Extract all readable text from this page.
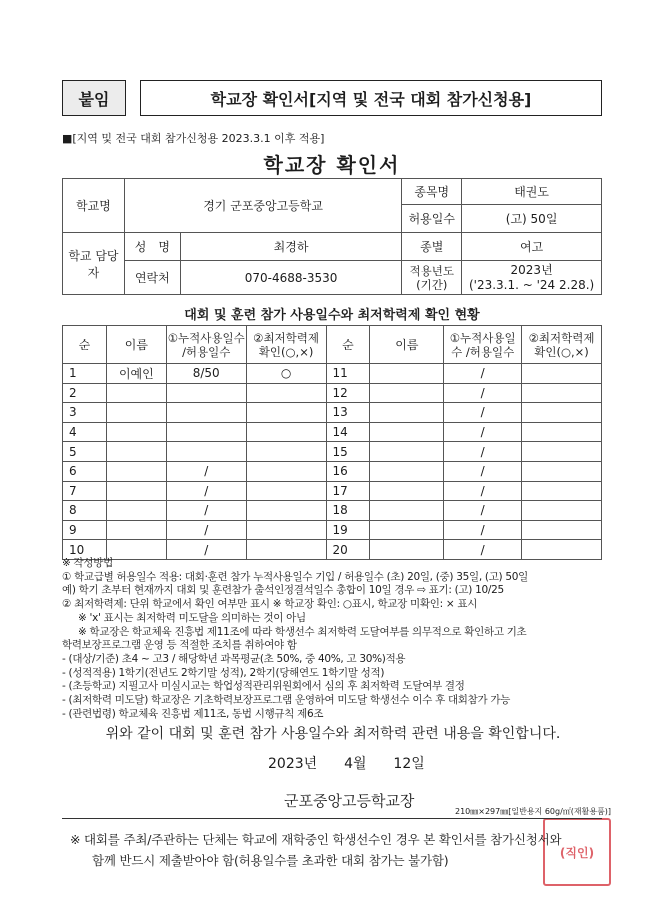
붙임	학교장 확인서[지역 및 전국 대회 참가신청용]
■[지역 및 전국 대회 참가신청용 2023.3.1 이후 적용]
학교장 확인서
학교명	경기 군포중앙고등학교		종목명	태권도
			허용일수	(고) 50일
학교 담당자	성　명	최경하	종별	여고
	연락처	070-4688-3530	적용년도 (기간)	2023년
('23.3.1. ~ '24 2.28.)
대회 및 훈련 참가 사용일수와 최저학력제 확인 현황
순	이름	①누적사용일수 /허용일수	②최저학력제 확인(○,×)	순	이름	①누적사용일수 /허용일수	②최저학력제 확인(○,×)
1	이예인	8/50	○	11		/	
2				12		/	
3				13		/	
4				14		/	
5				15		/	
6		/		16		/	
7		/		17		/	
8		/		18		/	
9		/		19		/	
10		/		20		/	
※ 작성방법
① 학교급별 허용일수 적용: 대회·훈련 참가 누적사용일수 기입 / 허용일수 (초) 20일, (중) 35일, (고) 50일
예) 학기 초부터 현재까지 대회 및 훈련참가 출석인정결석일수 총합이 10일 경우 ⇨ 표기: (고) 10/25
② 최저학력제: 단위 학교에서 확인 여부만 표시 ※ 학교장 확인: ○표시, 학교장 미확인: × 표시
※ 'x' 표시는 최저학력 미도달을 의미하는 것이 아님
※ 학교장은 학교체육 진흥법 제11조에 따라 학생선수 최저학력 도달여부를 의무적으로 확인하고 기초
학력보장프로그램 운영 등 적절한 조치를 취하여야 함
- (대상/기준) 초4 ~ 고3 / 해당학년 과목평균(초 50%, 중 40%, 고 30%)적용
- (성적적용) 1학기(전년도 2학기말 성적), 2학기(당해연도 1학기말 성적)
- (초등학교) 지필고사 미실시교는 학업성적관리위원회에서 심의 후 최저학력 도달여부 결정
- (최저학력 미도달) 학교장은 기초학력보장프로그램 운영하여 미도달 학생선수 이수 후 대회참가 가능
- (관련법령) 학교체육 진흥법 제11조, 동법 시행규칙 제6조
위와 같이 대회 및 훈련 참가 사용일수와 최저학력 관련 내용을 확인합니다.
2023년 4월 12일
군포중앙고등학교장
(직인)
210㎜×297㎜[일반용지 60g/㎡(재활용품)]
※ 대회를 주최/주관하는 단체는 학교에 재학중인 학생선수인 경우 본 확인서를 참가신청서와
함께 반드시 제출받아야 함(허용일수를 초과한 대회 참가는 불가함)
